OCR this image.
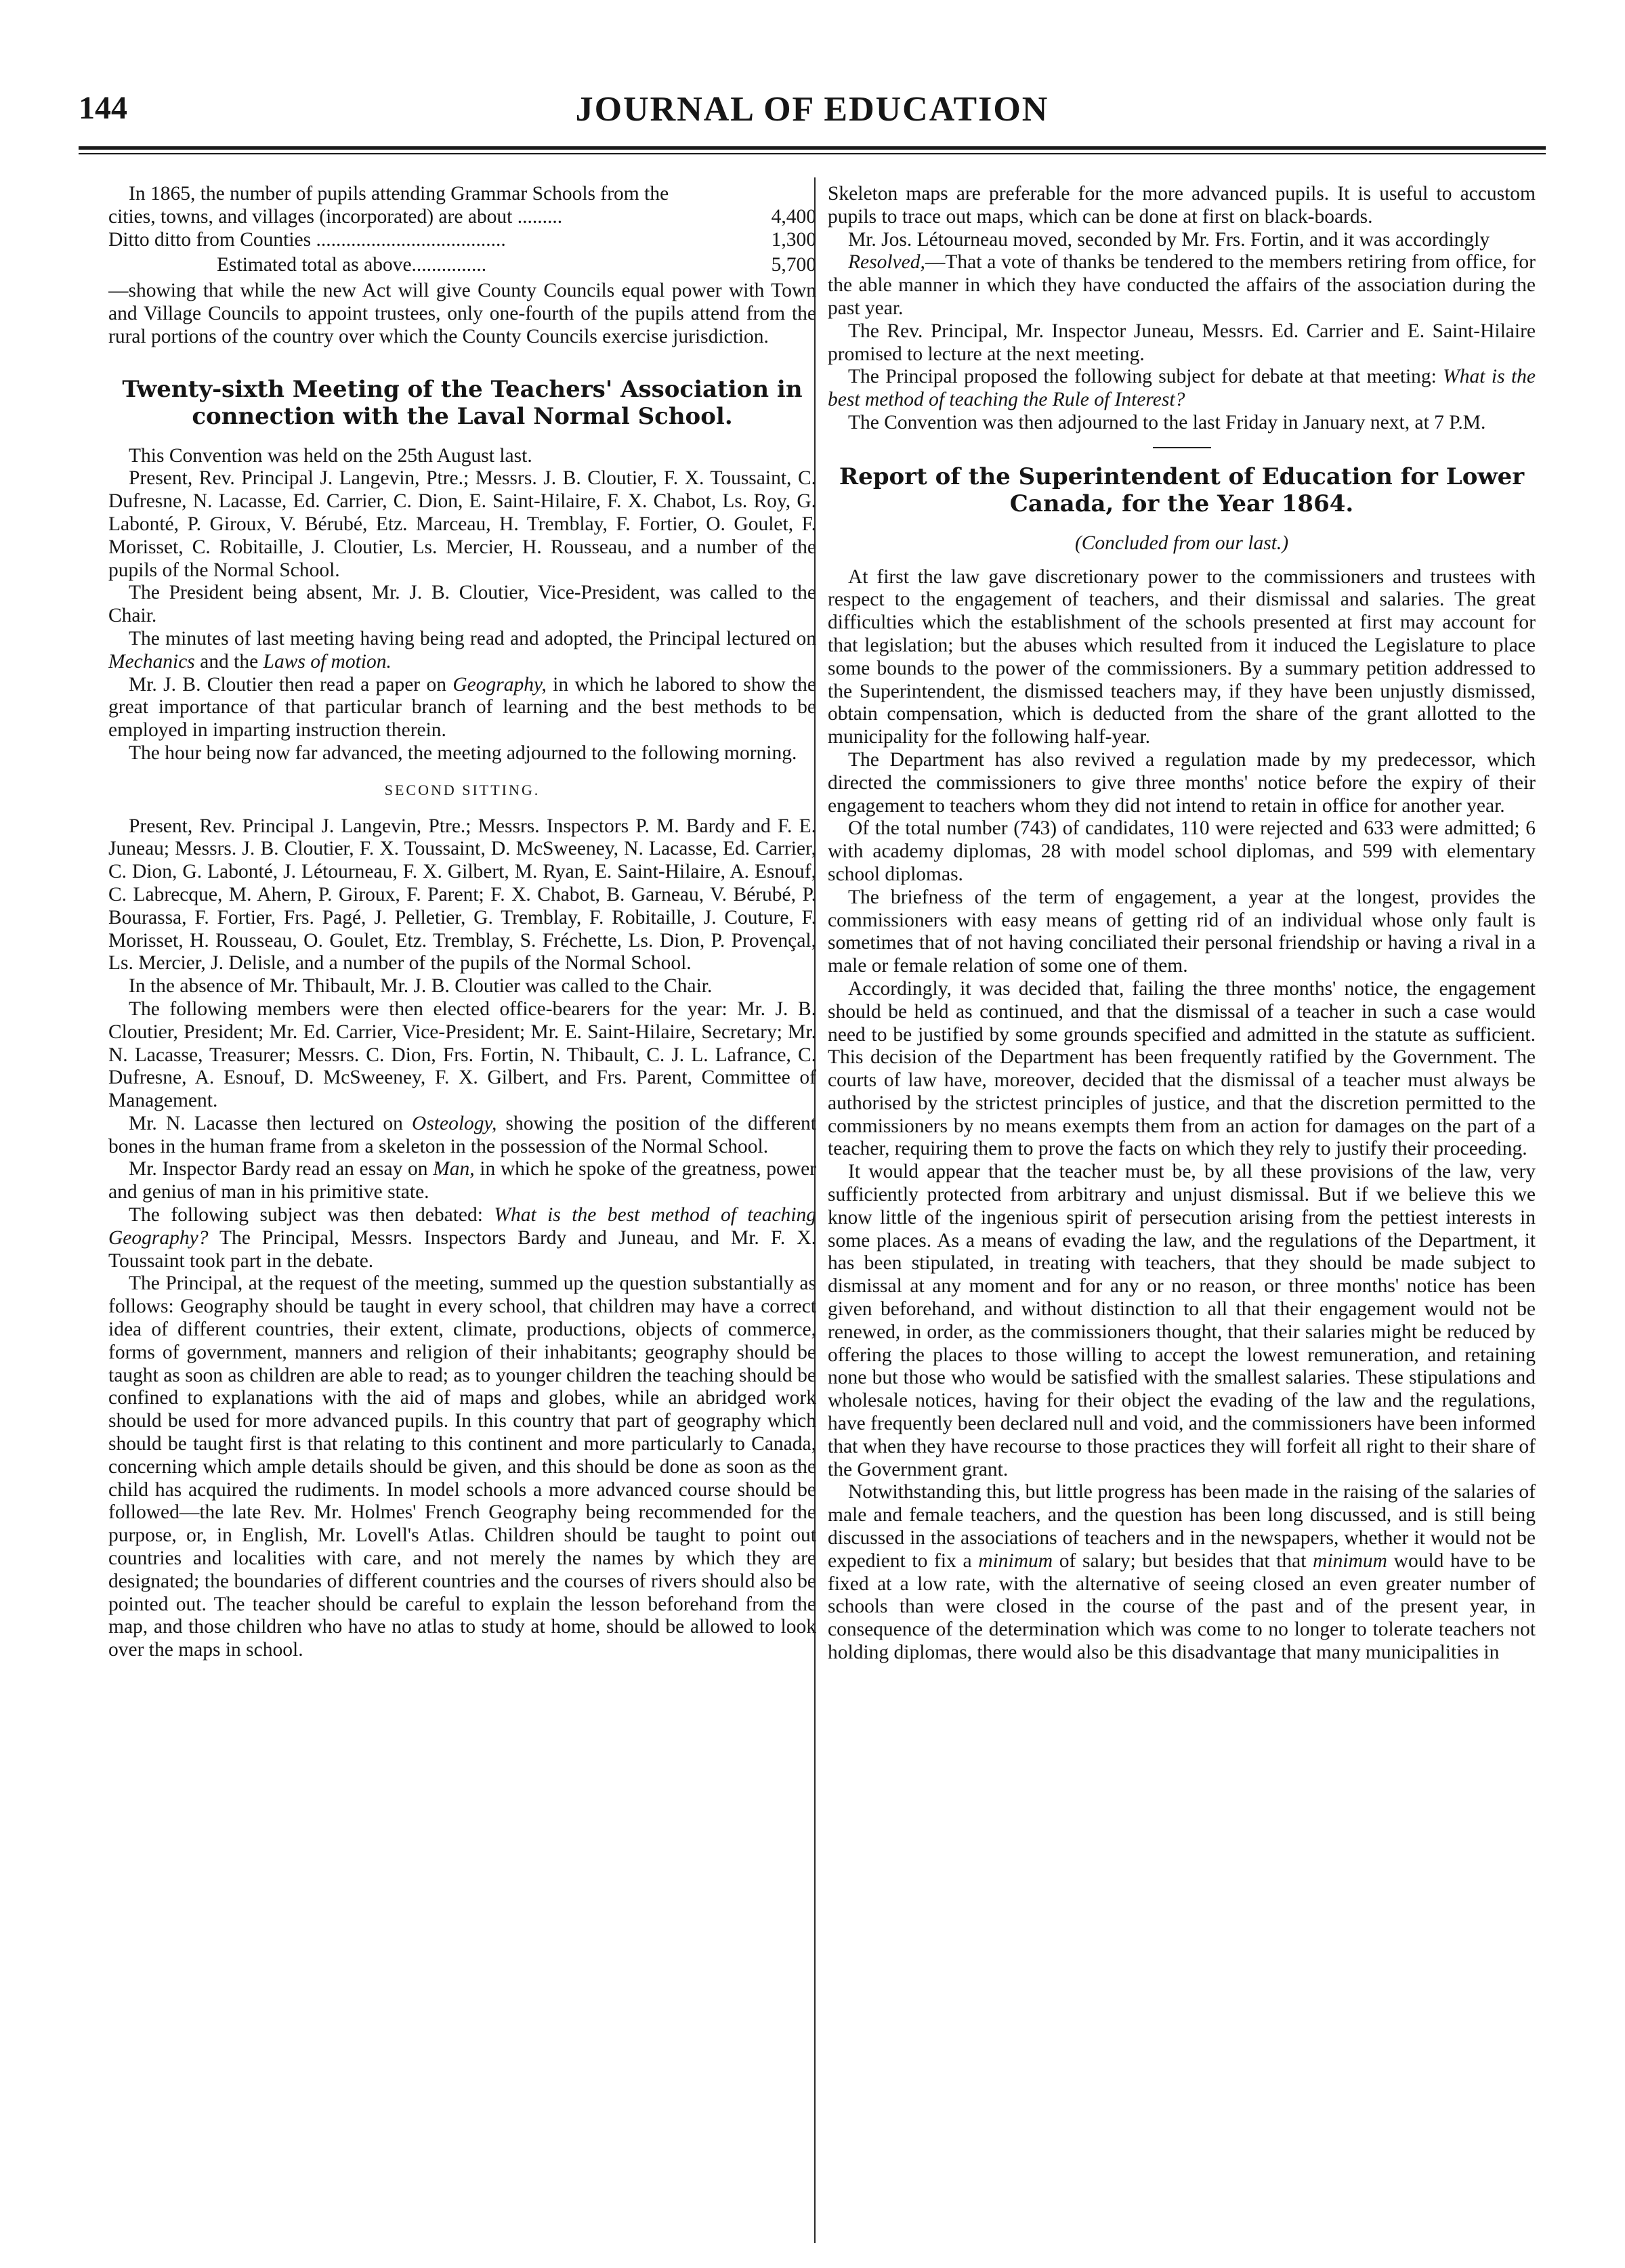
144	JOURNAL OF EDUCATION

In 1865, the number of pupils attending Grammar Schools from the

cities, towns, and villages (incorporated) are about .........	4,400
Ditto ditto from Counties ......................................	1,300
Estimated total as above...............	5,700

—showing that while the new Act will give County Councils equal power with Town and Village Councils to appoint trustees, only one-fourth of the pupils attend from the rural portions of the country over which the County Councils exercise jurisdiction.

Twenty-sixth Meeting of the Teachers' Association in connection with the Laval Normal School.

This Convention was held on the 25th August last.

Present, Rev. Principal J. Langevin, Ptre.; Messrs. J. B. Cloutier, F. X. Toussaint, C. Dufresne, N. Lacasse, Ed. Carrier, C. Dion, E. Saint-Hilaire, F. X. Chabot, Ls. Roy, G. Labonté, P. Giroux, V. Bérubé, Etz. Marceau, H. Tremblay, F. Fortier, O. Goulet, F. Morisset, C. Robitaille, J. Cloutier, Ls. Mercier, H. Rousseau, and a number of the pupils of the Normal School.

The President being absent, Mr. J. B. Cloutier, Vice-President, was called to the Chair.

The minutes of last meeting having being read and adopted, the Principal lectured on Mechanics and the Laws of motion.

Mr. J. B. Cloutier then read a paper on Geography, in which he labored to show the great importance of that particular branch of learning and the best methods to be employed in imparting instruction therein.

The hour being now far advanced, the meeting adjourned to the following morning.

SECOND SITTING.

Present, Rev. Principal J. Langevin, Ptre.; Messrs. Inspectors P. M. Bardy and F. E. Juneau; Messrs. J. B. Cloutier, F. X. Toussaint, D. McSweeney, N. Lacasse, Ed. Carrier, C. Dion, G. Labonté, J. Létourneau, F. X. Gilbert, M. Ryan, E. Saint-Hilaire, A. Esnouf, C. Labrecque, M. Ahern, P. Giroux, F. Parent; F. X. Chabot, B. Garneau, V. Bérubé, P. Bourassa, F. Fortier, Frs. Pagé, J. Pelletier, G. Tremblay, F. Robitaille, J. Couture, F. Morisset, H. Rousseau, O. Goulet, Etz. Tremblay, S. Fréchette, Ls. Dion, P. Provençal, Ls. Mercier, J. Delisle, and a number of the pupils of the Normal School.

In the absence of Mr. Thibault, Mr. J. B. Cloutier was called to the Chair.

The following members were then elected office-bearers for the year: Mr. J. B. Cloutier, President; Mr. Ed. Carrier, Vice-President; Mr. E. Saint-Hilaire, Secretary; Mr. N. Lacasse, Treasurer; Messrs. C. Dion, Frs. Fortin, N. Thibault, C. J. L. Lafrance, C. Dufresne, A. Esnouf, D. McSweeney, F. X. Gilbert, and Frs. Parent, Committee of Management.

Mr. N. Lacasse then lectured on Osteology, showing the position of the different bones in the human frame from a skeleton in the possession of the Normal School.

Mr. Inspector Bardy read an essay on Man, in which he spoke of the greatness, power and genius of man in his primitive state.

The following subject was then debated: What is the best method of teaching Geography? The Principal, Messrs. Inspectors Bardy and Juneau, and Mr. F. X. Toussaint took part in the debate.

The Principal, at the request of the meeting, summed up the question substantially as follows: Geography should be taught in every school, that children may have a correct idea of different countries, their extent, climate, productions, objects of commerce, forms of government, manners and religion of their inhabitants; geography should be taught as soon as children are able to read; as to younger children the teaching should be confined to explanations with the aid of maps and globes, while an abridged work should be used for more advanced pupils. In this country that part of geography which should be taught first is that relating to this continent and more particularly to Canada, concerning which ample details should be given, and this should be done as soon as the child has acquired the rudiments. In model schools a more advanced course should be followed—the late Rev. Mr. Holmes' French Geography being recommended for the purpose, or, in English, Mr. Lovell's Atlas. Children should be taught to point out countries and localities with care, and not merely the names by which they are designated; the boundaries of different countries and the courses of rivers should also be pointed out. The teacher should be careful to explain the lesson beforehand from the map, and those children who have no atlas to study at home, should be allowed to look over the maps in school.

Skeleton maps are preferable for the more advanced pupils. It is useful to accustom pupils to trace out maps, which can be done at first on black-boards.

Mr. Jos. Létourneau moved, seconded by Mr. Frs. Fortin, and it was accordingly

Resolved,—That a vote of thanks be tendered to the members retiring from office, for the able manner in which they have conducted the affairs of the association during the past year.

The Rev. Principal, Mr. Inspector Juneau, Messrs. Ed. Carrier and E. Saint-Hilaire promised to lecture at the next meeting.

The Principal proposed the following subject for debate at that meeting: What is the best method of teaching the Rule of Interest?

The Convention was then adjourned to the last Friday in January next, at 7 P.M.

Report of the Superintendent of Education for Lower Canada, for the Year 1864.
(Concluded from our last.)

At first the law gave discretionary power to the commissioners and trustees with respect to the engagement of teachers, and their dismissal and salaries. The great difficulties which the establishment of the schools presented at first may account for that legislation; but the abuses which resulted from it induced the Legislature to place some bounds to the power of the commissioners. By a summary petition addressed to the Superintendent, the dismissed teachers may, if they have been unjustly dismissed, obtain compensation, which is deducted from the share of the grant allotted to the municipality for the following half-year.

The Department has also revived a regulation made by my predecessor, which directed the commissioners to give three months' notice before the expiry of their engagement to teachers whom they did not intend to retain in office for another year.

Of the total number (743) of candidates, 110 were rejected and 633 were admitted; 6 with academy diplomas, 28 with model school diplomas, and 599 with elementary school diplomas.

The briefness of the term of engagement, a year at the longest, provides the commissioners with easy means of getting rid of an individual whose only fault is sometimes that of not having conciliated their personal friendship or having a rival in a male or female relation of some one of them.

Accordingly, it was decided that, failing the three months' notice, the engagement should be held as continued, and that the dismissal of a teacher in such a case would need to be justified by some grounds specified and admitted in the statute as sufficient. This decision of the Department has been frequently ratified by the Government. The courts of law have, moreover, decided that the dismissal of a teacher must always be authorised by the strictest principles of justice, and that the discretion permitted to the commissioners by no means exempts them from an action for damages on the part of a teacher, requiring them to prove the facts on which they rely to justify their proceeding.

It would appear that the teacher must be, by all these provisions of the law, very sufficiently protected from arbitrary and unjust dismissal. But if we believe this we know little of the ingenious spirit of persecution arising from the pettiest interests in some places. As a means of evading the law, and the regulations of the Department, it has been stipulated, in treating with teachers, that they should be made subject to dismissal at any moment and for any or no reason, or three months' notice has been given beforehand, and without distinction to all that their engagement would not be renewed, in order, as the commissioners thought, that their salaries might be reduced by offering the places to those willing to accept the lowest remuneration, and retaining none but those who would be satisfied with the smallest salaries. These stipulations and wholesale notices, having for their object the evading of the law and the regulations, have frequently been declared null and void, and the commissioners have been informed that when they have recourse to those practices they will forfeit all right to their share of the Government grant.

Notwithstanding this, but little progress has been made in the raising of the salaries of male and female teachers, and the question has been long discussed, and is still being discussed in the associations of teachers and in the newspapers, whether it would not be expedient to fix a minimum of salary; but besides that that minimum would have to be fixed at a low rate, with the alternative of seeing closed an even greater number of schools than were closed in the course of the past and of the present year, in consequence of the determination which was come to no longer to tolerate teachers not holding diplomas, there would also be this disadvantage that many municipalities in
